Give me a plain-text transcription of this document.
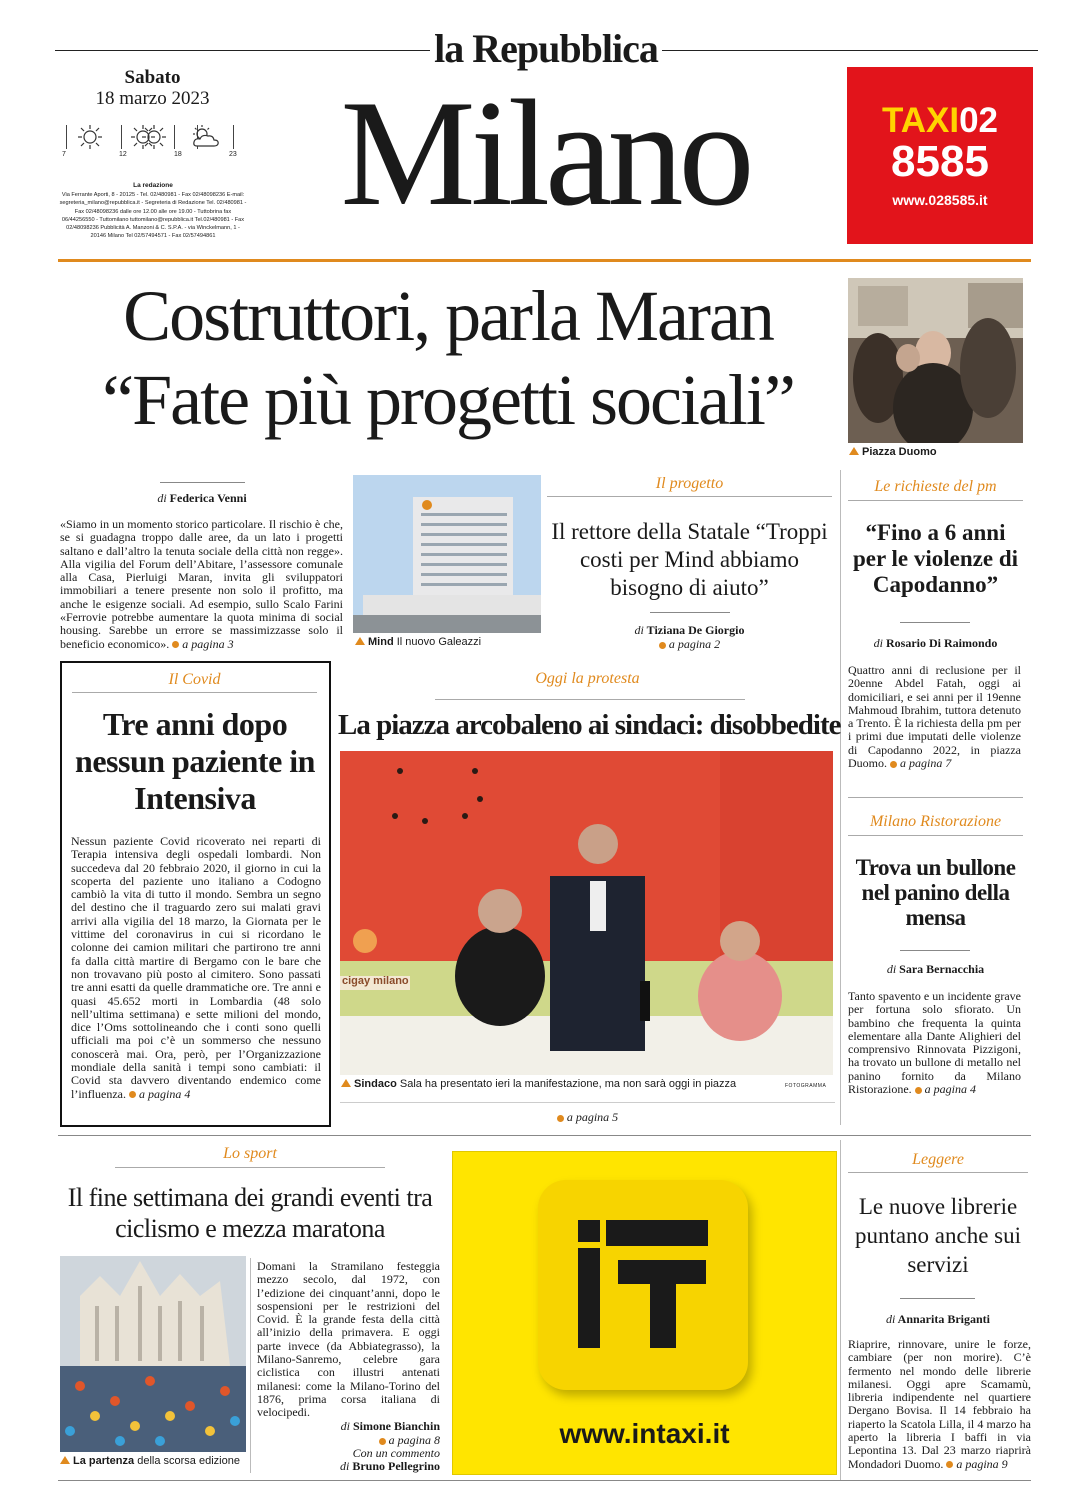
la Repubblica
Sabato
18 marzo 2023
7	12	18	23
La redazione
Via Ferrante Aporti, 8 - 20125 - Tel. 02/480981 - Fax 02/48098236 E-mail: segreteria_milano@repubblica.it - Segreteria di Redazione Tel. 02/480981 - Fax 02/48098236 dalle ore 12.00 alle ore 19.00 - Tuttobrina fax 06/44256550 - Tuttomilano tuttomilano@repubblica.it Tel.02/480981 - Fax 02/48098236 Pubblicità A. Manzoni & C. S.P.A. - via Winckelmann, 1 - 20146 Milano Tel 02/57494571 - Fax 02/57494861 Milano	TAXI02
8585
www.028585.it
Costruttori, parla Maran
“Fate più progetti sociali”
Piazza Duomo
di Federica Venni
«Siamo in un momento storico particolare. Il rischio è che, se si guadagna troppo dalle aree, da un lato i progetti saltano e dall’altro la tenuta sociale della città non regge». Alla vigilia del Forum dell’Abitare, l’assessore comunale alla Casa, Pierluigi Maran, invita gli sviluppatori immobiliari a tenere presente non solo il profitto, ma anche le esigenze sociali. Ad esempio, sullo Scalo Farini «Ferrovie potrebbe aumentare la quota minima di social housing. Sarebbe un errore se massimizzasse solo il beneficio economico». a pagina 3	Mind Il nuovo Galeazzi
Il progetto
Il rettore della Statale “Troppi costi per Mind abbiamo bisogno di aiuto”
di Tiziana De Giorgio
a pagina 2
Le richieste del pm
“Fino a 6 anni per le violenze di Capodanno”
di Rosario Di Raimondo
Quattro anni di reclusione per il 20enne Abdel Fatah, oggi ai domiciliari, e sei anni per il 19enne Mahmoud Ibrahim, tuttora detenuto a Trento. È la richiesta della pm per i primi due imputati delle violenze di Capodanno 2022, in piazza Duomo. a pagina 7
Milano Ristorazione
Trova un bullone nel panino della mensa
di Sara Bernacchia
Tanto spavento e un incidente grave per fortuna solo sfiorato. Un bambino che frequenta la quinta elementare alla Dante Alighieri del comprensivo Rinnovata Pizzigoni, ha trovato un bullone di metallo nel panino fornito da Milano Ristorazione. a pagina 4
Il Covid
Tre anni dopo nessun paziente in Intensiva
Nessun paziente Covid ricoverato nei reparti di Terapia intensiva degli ospedali lombardi. Non succedeva dal 20 febbraio 2020, il giorno in cui la scoperta del paziente uno italiano a Codogno cambiò la vita di tutto il mondo. Sembra un segno del destino che il traguardo zero sui malati gravi arrivi alla vigilia del 18 marzo, la Giornata per le vittime del coronavirus in cui si ricordano le colonne dei camion militari che partirono tre anni fa dalla città martire di Bergamo con le bare che non trovavano più posto al cimitero. Sono passati tre anni esatti da quelle drammatiche ore. Tre anni e quasi 45.652 morti in Lombardia (48 solo nell’ultima settimana) e sette milioni del mondo, dice l’Oms sottolineando che i conti sono quelli ufficiali ma poi c’è un sommerso che nessuno conoscerà mai. Ora, però, per l’Organizzazione mondiale della sanità i tempi sono cambiati: il Covid sta davvero diventando endemico come l’influenza. a pagina 4
Oggi la protesta
La piazza arcobaleno ai sindaci: disobbedite
cigay milano
Sindaco Sala ha presentato ieri la manifestazione, ma non sarà oggi in piazza	FOTOGRAMMA
a pagina 5
Lo sport
Il fine settimana dei grandi eventi tra ciclismo e mezza maratona
La partenza della scorsa edizione
Domani la Stramilano festeggia mezzo secolo, dal 1972, con l’edizione dei cinquant’anni, dopo le sospensioni per le restrizioni del Covid. È la grande festa della città all’inizio della primavera. E oggi parte invece (da Abbiategrasso), la Milano-Sanremo, celebre gara ciclistica con illustri antenati milanesi: come la Milano-Torino del 1876, prima corsa italiana di velocipedi.
di Simone Bianchin
a pagina 8
Con un commento
di Bruno Pellegrino
www.intaxi.it
Leggere
Le nuove librerie puntano anche sui servizi
di Annarita Briganti
Riaprire, rinnovare, unire le forze, cambiare (per non morire). C’è fermento nel mondo delle librerie milanesi. Oggi apre Scamamù, libreria indipendente nel quartiere Dergano Bovisa. Il 14 febbraio ha riaperto la Scatola Lilla, il 4 marzo ha aperto la libreria I baffi in via Lepontina 13. Dal 23 marzo riaprirà Mondadori Duomo. a pagina 9
